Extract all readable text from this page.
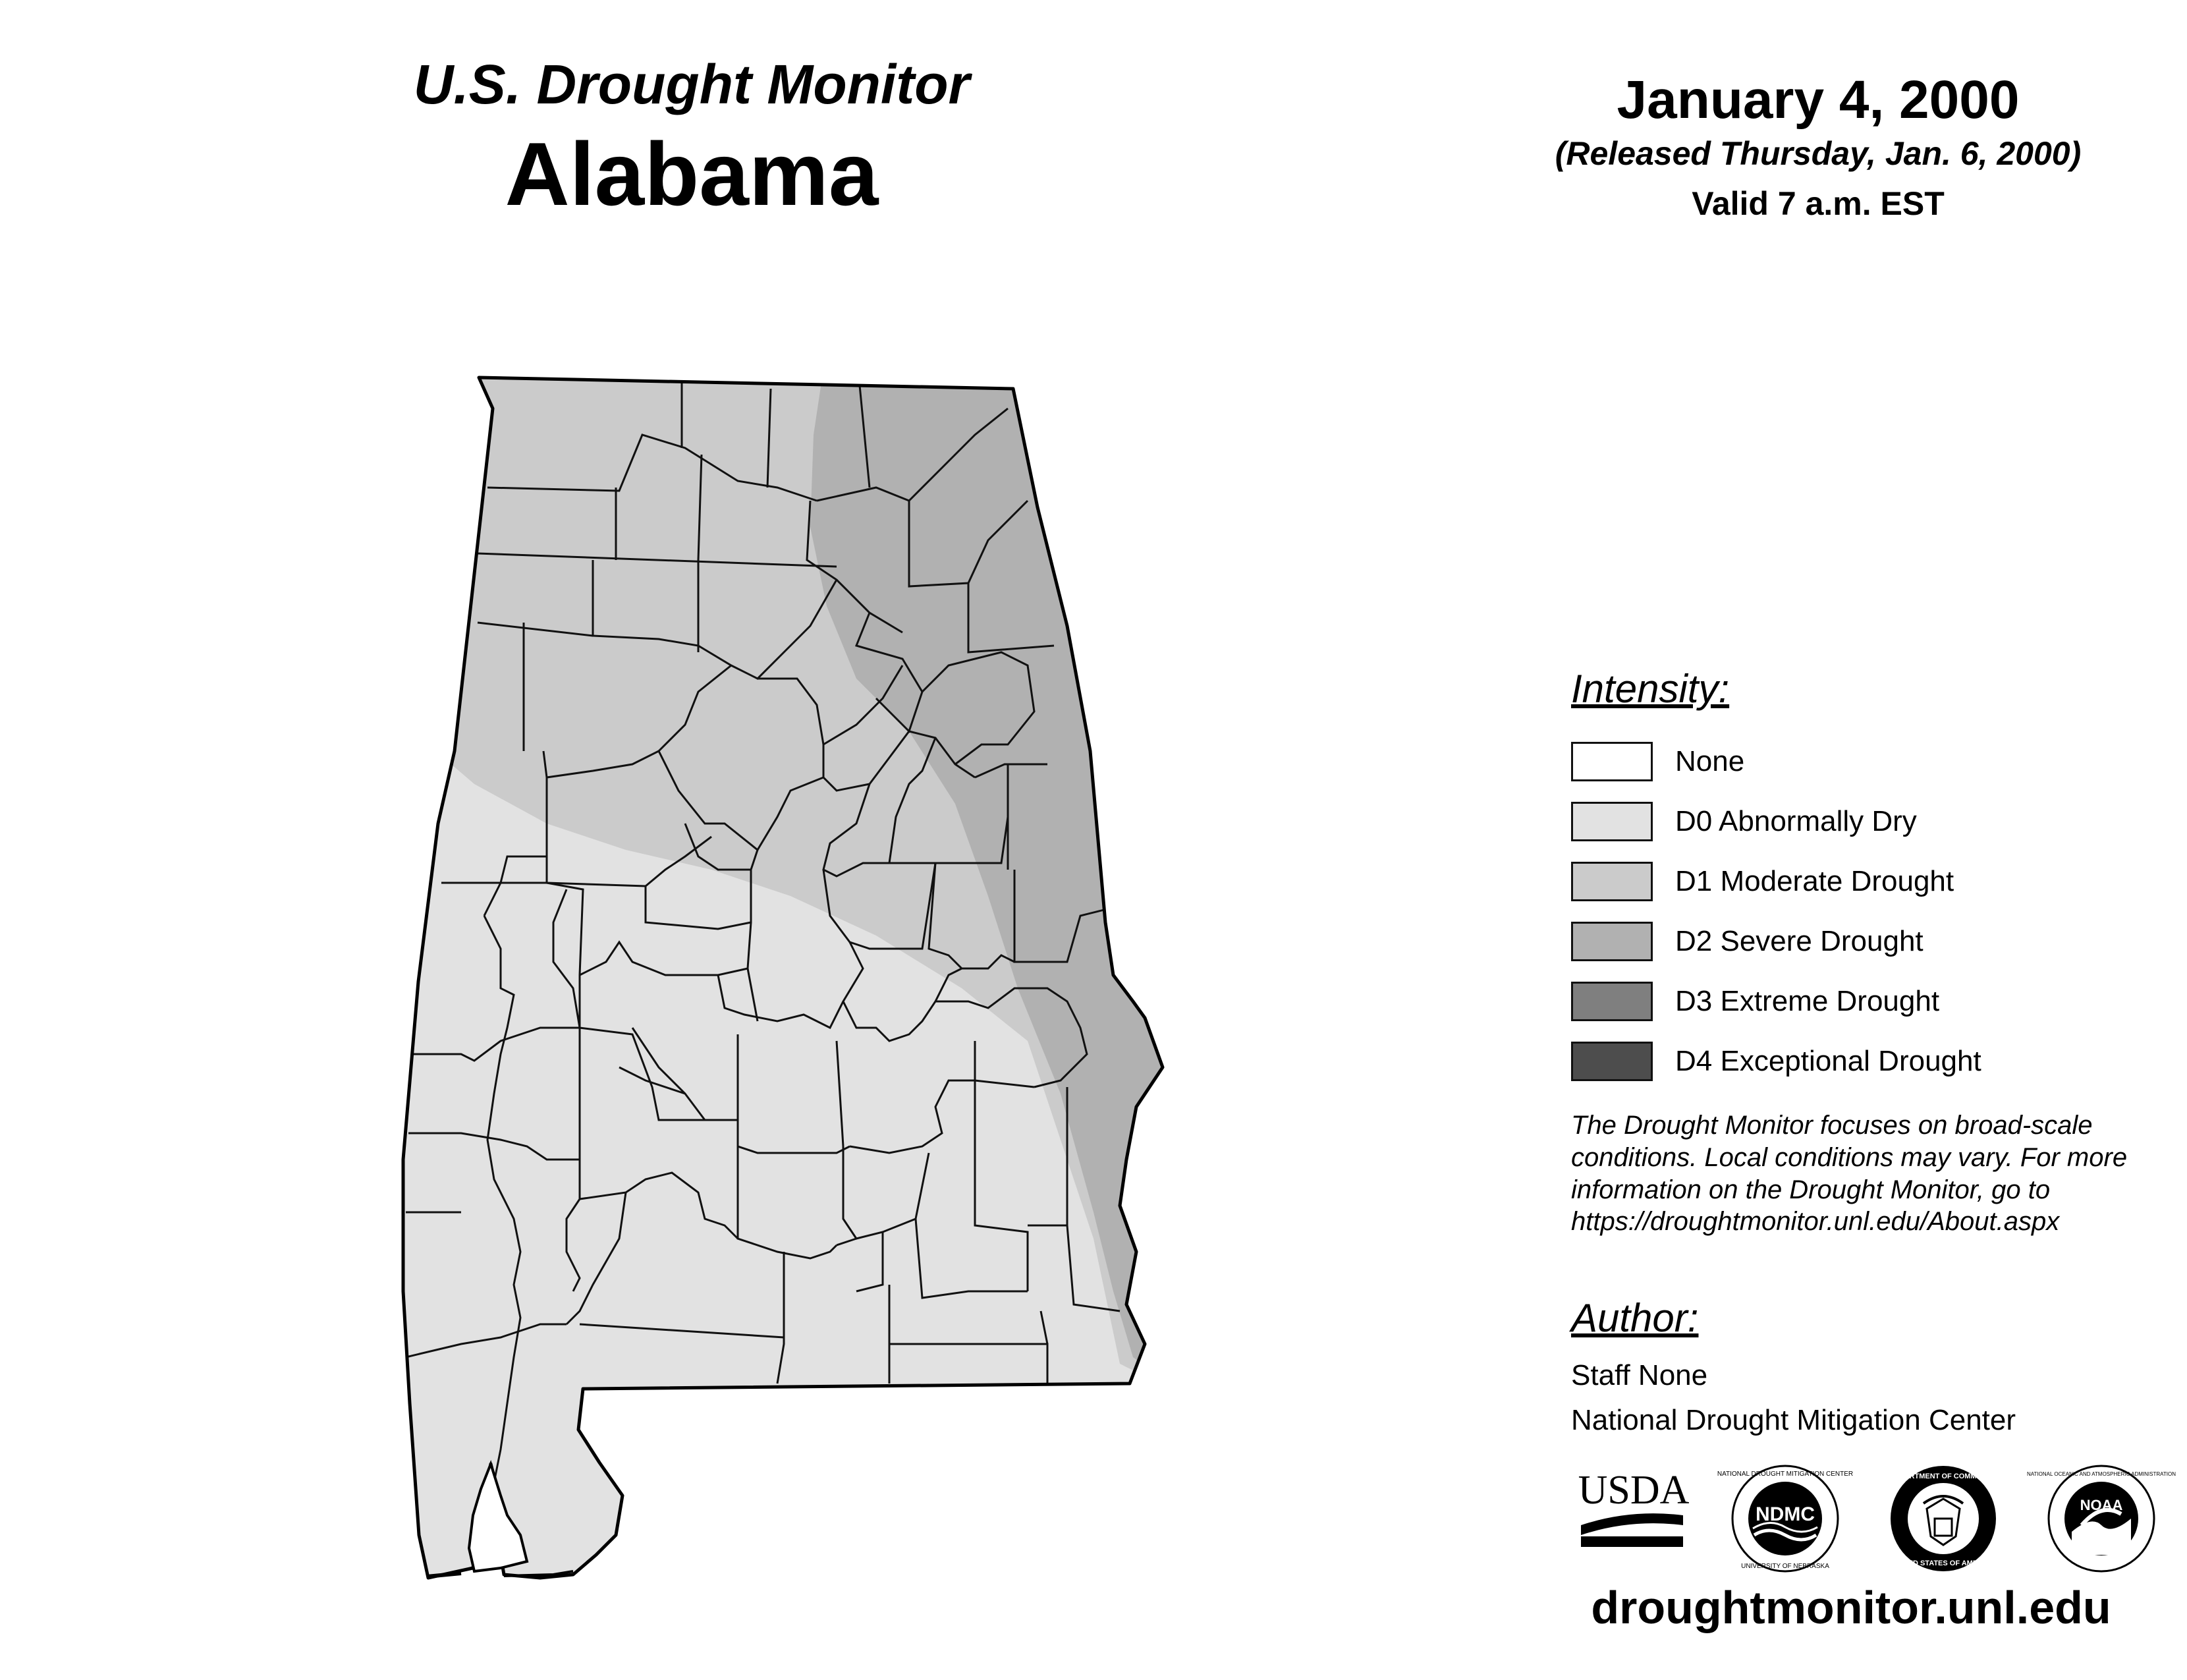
U.S. Drought Monitor
Alabama
January 4, 2000
(Released Thursday, Jan. 6, 2000)
Valid 7 a.m. EST
Intensity:
None
D0 Abnormally Dry
D1 Moderate Drought
D2 Severe Drought
D3 Extreme Drought
D4 Exceptional Drought
The Drought Monitor focuses on broad-scale conditions. Local conditions may vary. For more information on the Drought Monitor, go to https://droughtmonitor.unl.edu/About.aspx
Author:
Staff None
National Drought Mitigation Center
USDA
NDMC
NATIONAL DROUGHT MITIGATION CENTER
UNIVERSITY OF NEBRASKA
DEPARTMENT OF COMMERCE
UNITED STATES OF AMERICA
NOAA
NATIONAL OCEANIC AND ATMOSPHERIC ADMINISTRATION
droughtmonitor.unl.edu
